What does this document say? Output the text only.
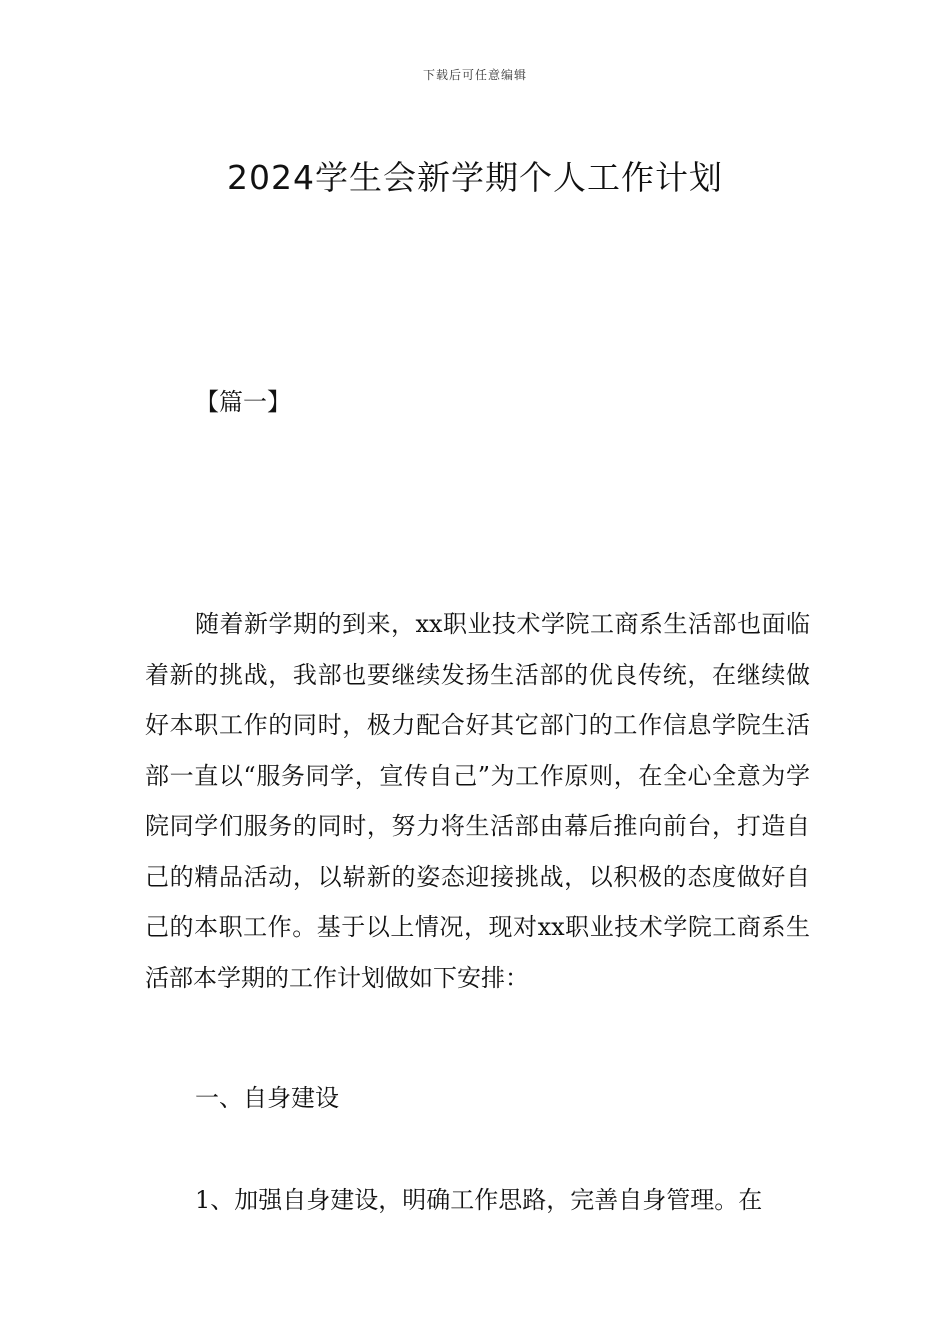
下载后可任意编辑
2024学生会新学期个人工作计划
【篇一】

随着新学期的到来，xx职业技术学院工商系生活部也面临着新的挑战，我部也要继续发扬生活部的优良传统，在继续做好本职工作的同时，极力配合好其它部门的工作信息学院生活部一直以“服务同学，宣传自己”为工作原则，在全心全意为学院同学们服务的同时，努力将生活部由幕后推向前台，打造自己的精品活动，以崭新的姿态迎接挑战，以积极的态度做好自己的本职工作。基于以上情况，现对xx职业技术学院工商系生活部本学期的工作计划做如下安排：

一、自身建设
1、加强自身建设，明确工作思路，完善自身管理。在
